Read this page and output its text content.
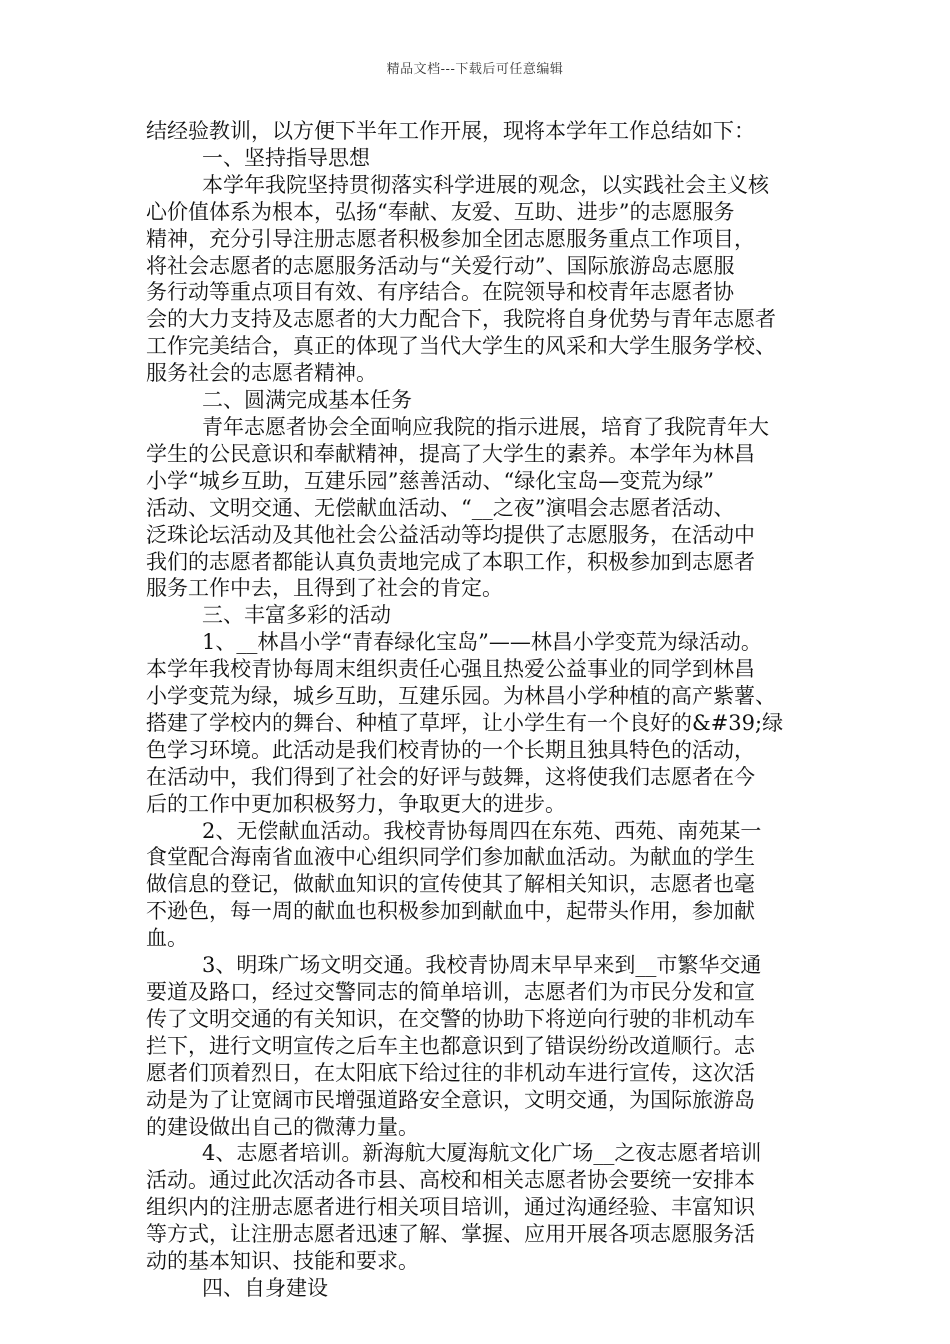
精品文档---下载后可任意编辑
结经验教训，以方便下半年工作开展，现将本学年工作总结如下：
一、坚持指导思想
本学年我院坚持贯彻落实科学进展的观念，以实践社会主义核
心价值体系为根本，弘扬“奉献、友爱、互助、进步”的志愿服务
精神，充分引导注册志愿者积极参加全团志愿服务重点工作项目，
将社会志愿者的志愿服务活动与“关爱行动”、国际旅游岛志愿服
务行动等重点项目有效、有序结合。在院领导和校青年志愿者协
会的大力支持及志愿者的大力配合下，我院将自身优势与青年志愿者
工作完美结合，真正的体现了当代大学生的风采和大学生服务学校、
服务社会的志愿者精神。
二、圆满完成基本任务
青年志愿者协会全面响应我院的指示进展，培育了我院青年大
学生的公民意识和奉献精神，提高了大学生的素养。本学年为林昌
小学“城乡互助，互建乐园”慈善活动、“绿化宝岛—变荒为绿”
活动、文明交通、无偿献血活动、“__之夜”演唱会志愿者活动、
泛珠论坛活动及其他社会公益活动等均提供了志愿服务，在活动中
我们的志愿者都能认真负责地完成了本职工作，积极参加到志愿者
服务工作中去，且得到了社会的肯定。
三、丰富多彩的活动
1、__林昌小学“青春绿化宝岛”——林昌小学变荒为绿活动。
本学年我校青协每周末组织责任心强且热爱公益事业的同学到林昌
小学变荒为绿，城乡互助，互建乐园。为林昌小学种植的高产紫薯、
搭建了学校内的舞台、种植了草坪，让小学生有一个良好的&#39;绿
色学习环境。此活动是我们校青协的一个长期且独具特色的活动，
在活动中，我们得到了社会的好评与鼓舞，这将使我们志愿者在今
后的工作中更加积极努力，争取更大的进步。
2、无偿献血活动。我校青协每周四在东苑、西苑、南苑某一
食堂配合海南省血液中心组织同学们参加献血活动。为献血的学生
做信息的登记，做献血知识的宣传使其了解相关知识，志愿者也毫
不逊色，每一周的献血也积极参加到献血中，起带头作用，参加献
血。
3、明珠广场文明交通。我校青协周末早早来到__市繁华交通
要道及路口，经过交警同志的简单培训，志愿者们为市民分发和宣
传了文明交通的有关知识，在交警的协助下将逆向行驶的非机动车
拦下，进行文明宣传之后车主也都意识到了错误纷纷改道顺行。志
愿者们顶着烈日，在太阳底下给过往的非机动车进行宣传，这次活
动是为了让宽阔市民增强道路安全意识，文明交通，为国际旅游岛
的建设做出自己的微薄力量。
4、志愿者培训。新海航大厦海航文化广场__之夜志愿者培训
活动。通过此次活动各市县、高校和相关志愿者协会要统一安排本
组织内的注册志愿者进行相关项目培训，通过沟通经验、丰富知识
等方式，让注册志愿者迅速了解、掌握、应用开展各项志愿服务活
动的基本知识、技能和要求。
四、自身建设
